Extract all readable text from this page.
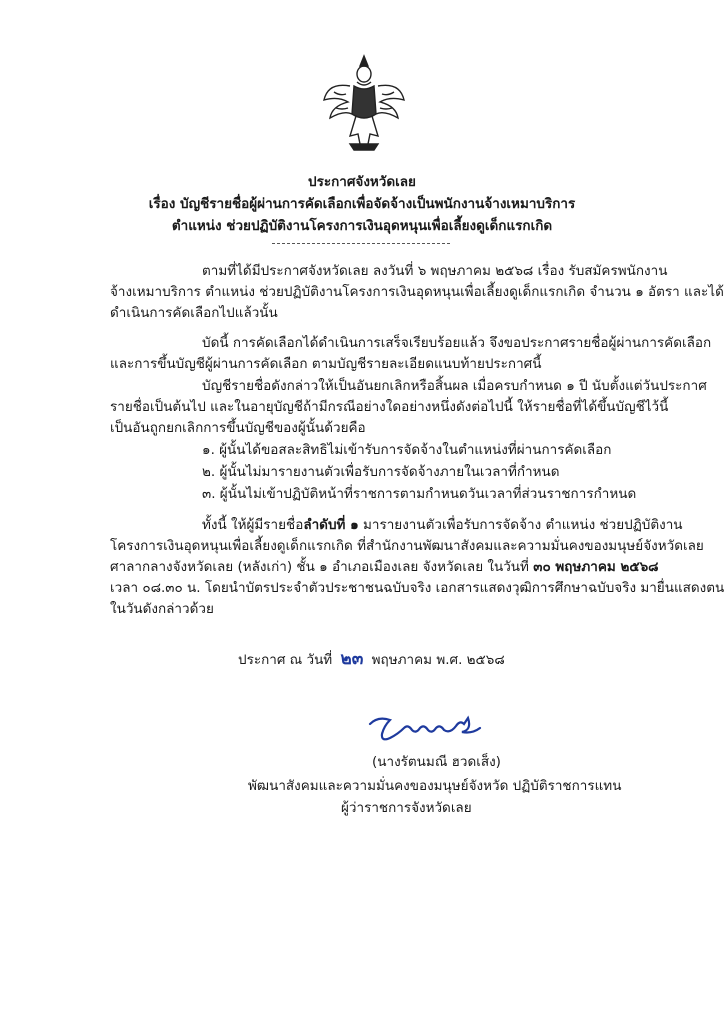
ประกาศจังหวัดเลย
เรื่อง บัญชีรายชื่อผู้ผ่านการคัดเลือกเพื่อจัดจ้างเป็นพนักงานจ้างเหมาบริการ
ตำแหน่ง ช่วยปฏิบัติงานโครงการเงินอุดหนุนเพื่อเลี้ยงดูเด็กแรกเกิด
ตามที่ได้มีประกาศจังหวัดเลย ลงวันที่ ๖ พฤษภาคม ๒๕๖๘ เรื่อง รับสมัครพนักงาน
จ้างเหมาบริการ ตำแหน่ง ช่วยปฏิบัติงานโครงการเงินอุดหนุนเพื่อเลี้ยงดูเด็กแรกเกิด จำนวน ๑ อัตรา และได้
ดำเนินการคัดเลือกไปแล้วนั้น
บัดนี้ การคัดเลือกได้ดำเนินการเสร็จเรียบร้อยแล้ว จึงขอประกาศรายชื่อผู้ผ่านการคัดเลือก
และการขึ้นบัญชีผู้ผ่านการคัดเลือก ตามบัญชีรายละเอียดแนบท้ายประกาศนี้
บัญชีรายชื่อดังกล่าวให้เป็นอันยกเลิกหรือสิ้นผล เมื่อครบกำหนด ๑ ปี นับตั้งแต่วันประกาศ
รายชื่อเป็นต้นไป และในอายุบัญชีถ้ามีกรณีอย่างใดอย่างหนึ่งดังต่อไปนี้ ให้รายชื่อที่ได้ขึ้นบัญชีไว้นี้
เป็นอันถูกยกเลิกการขึ้นบัญชีของผู้นั้นด้วยคือ
๑. ผู้นั้นได้ขอสละสิทธิไม่เข้ารับการจัดจ้างในตำแหน่งที่ผ่านการคัดเลือก
๒. ผู้นั้นไม่มารายงานตัวเพื่อรับการจัดจ้างภายในเวลาที่กำหนด
๓. ผู้นั้นไม่เข้าปฏิบัติหน้าที่ราชการตามกำหนดวันเวลาที่ส่วนราชการกำหนด
ทั้งนี้ ให้ผู้มีรายชื่อลำดับที่ ๑ มารายงานตัวเพื่อรับการจัดจ้าง ตำแหน่ง ช่วยปฏิบัติงาน
โครงการเงินอุดหนุนเพื่อเลี้ยงดูเด็กแรกเกิด ที่สำนักงานพัฒนาสังคมและความมั่นคงของมนุษย์จังหวัดเลย
ศาลากลางจังหวัดเลย (หลังเก่า) ชั้น ๑ อำเภอเมืองเลย จังหวัดเลย ในวันที่ ๓๐ พฤษภาคม ๒๕๖๘
เวลา ๐๘.๓๐ น. โดยนำบัตรประจำตัวประชาชนฉบับจริง เอกสารแสดงวุฒิการศึกษาฉบับจริง มายื่นแสดงตน
ในวันดังกล่าวด้วย
ประกาศ ณ วันที่ ๒๓ พฤษภาคม พ.ศ. ๒๕๖๘
(นางรัตนมณี ฮวดเส็ง)
พัฒนาสังคมและความมั่นคงของมนุษย์จังหวัด ปฏิบัติราชการแทน
ผู้ว่าราชการจังหวัดเลย
